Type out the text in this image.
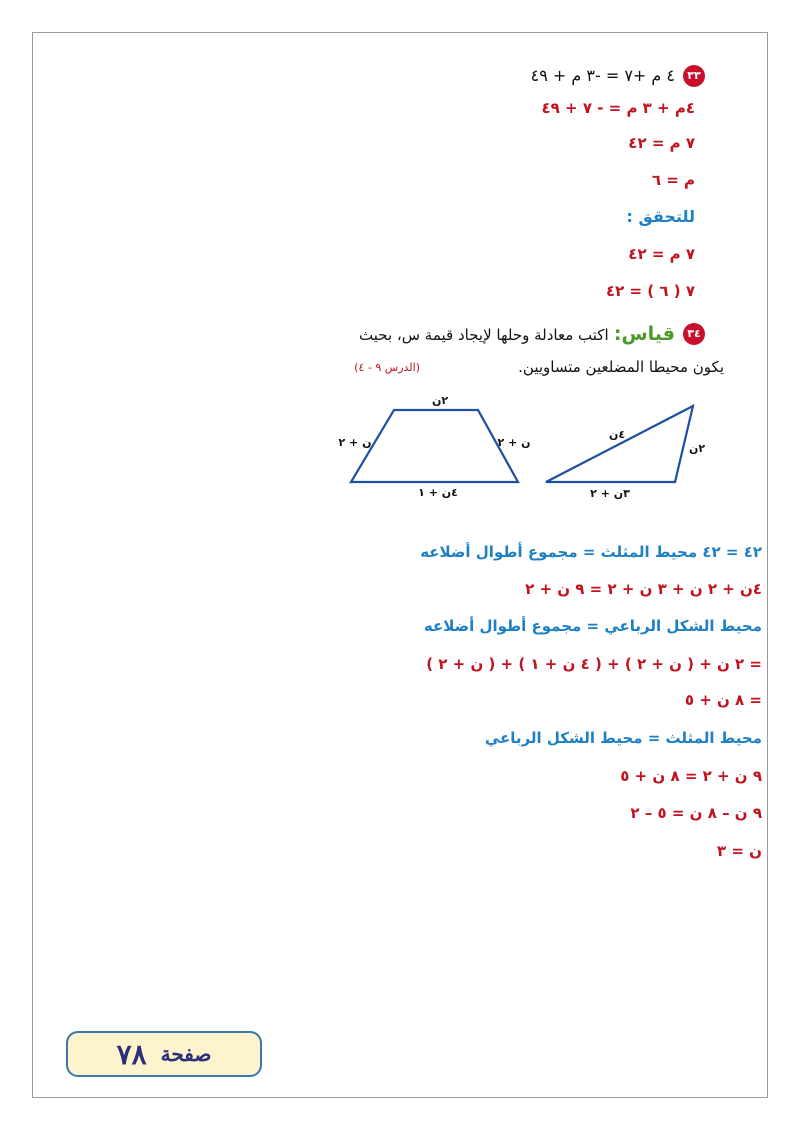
٣٣
٤ م +٧ = -٣ م + ٤٩
٤م + ٣ م = - ٧ + ٤٩
٧ م = ٤٢
م = ٦
للتحقق :
٧ م = ٤٢
٧ ( ٦ ) = ٤٢
٣٤
قياس: اكتب معادلة وحلها لإيجاد قيمة س، بحيث
يكون محيطا المضلعين متساويين.
(الدرس ٩ - ٤)
٢ن
ن + ٢	ن + ٢
٤ن + ١
٤ن
٢ن
٣ن + ٢
٤٢ = ٤٢ محيط المثلث = مجموع أطوال أضلاعه
٤ن + ٢ ن + ٣ ن + ٢ = ٩ ن + ٢
محيط الشكل الرباعي = مجموع أطوال أضلاعه
= ٢ ن + ( ن + ٢ ) + ( ٤ ن + ١ ) + ( ن + ٢ )
= ٨ ن + ٥
محيط المثلث = محيط الشكل الرباعي
٩ ن + ٢ = ٨ ن + ٥
٩ ن – ٨ ن = ٥ – ٢
ن = ٣
صفحة
٧٨
